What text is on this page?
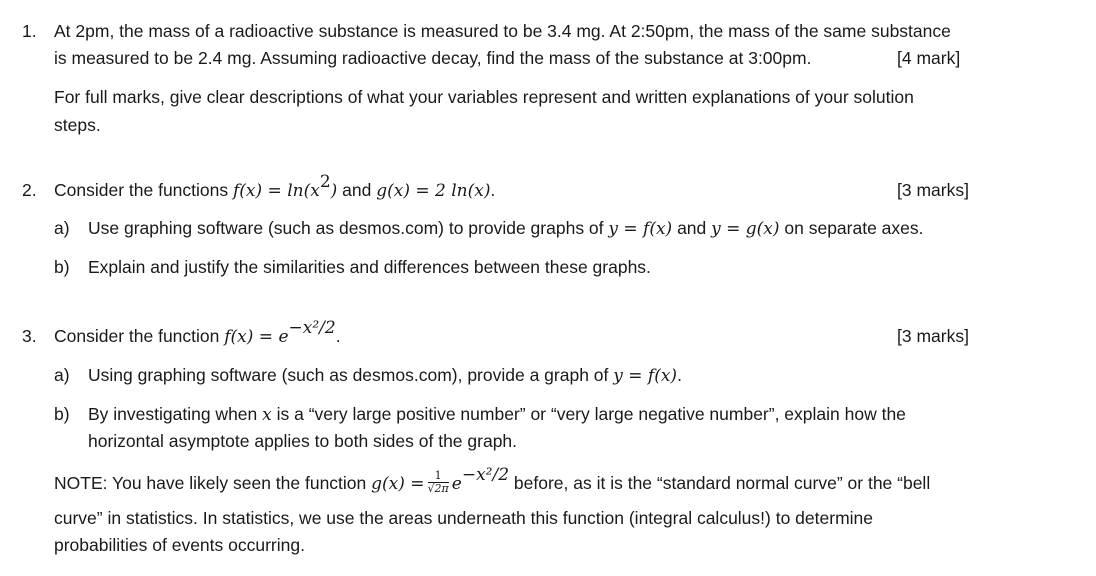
1. At 2pm, the mass of a radioactive substance is measured to be 3.4 mg. At 2:50pm, the mass of the same substance
is measured to be 2.4 mg. Assuming radioactive decay, find the mass of the substance at 3:00pm.	[4 mark]
For full marks, give clear descriptions of what your variables represent and written explanations of your solution
steps.
2. Consider the functions $f(x) = \ln(x^2)$ and g(x) = 2 ln(x).	[3 marks]
a) Use graphing software (such as desmos.com) to provide graphs of y = f(x) and y = g(x) on separate axes.
b) Explain and justify the similarities and differences between these graphs.
3. Consider the function $f(x) = e^{-x^2/2}$.	[3 marks]
a) Using graphing software (such as desmos.com), provide a graph of y = f(x).
b) By investigating when x is a “very large positive number” or “very large negative number”, explain how the
horizontal asymptote applies to both sides of the graph.
NOTE: You have likely seen the function $g(x) = \frac{1}{√2\pi} e^{-x^2/2}$ before, as it is the “standard normal curve” or the “bell
curve” in statistics. In statistics, we use the areas underneath this function (integral calculus!) to determine
probabilities of events occurring.
